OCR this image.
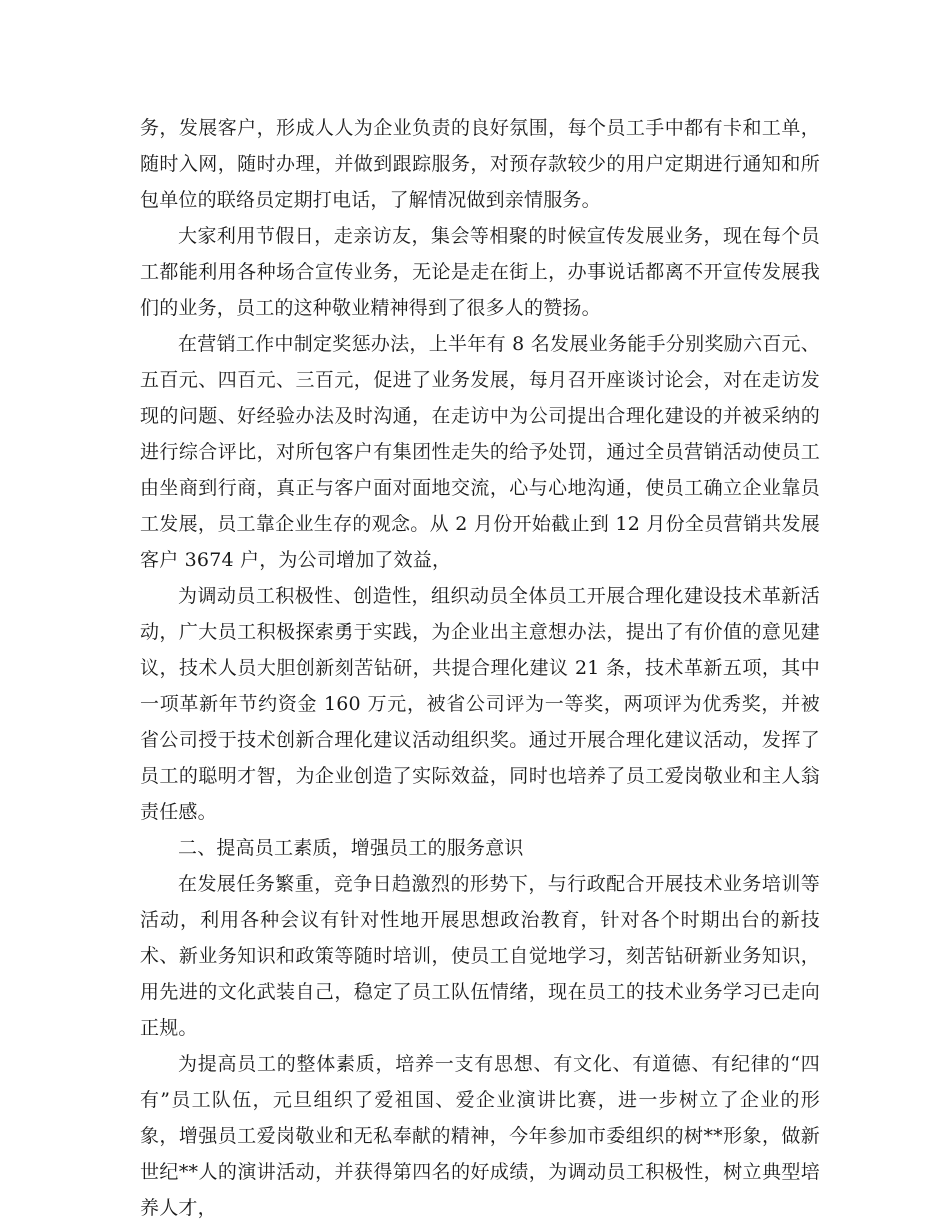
务，发展客户，形成人人为企业负责的良好氛围，每个员工手中都有卡和工单，随时入网，随时办理，并做到跟踪服务，对预存款较少的用户定期进行通知和所包单位的联络员定期打电话，了解情况做到亲情服务。

大家利用节假日，走亲访友，集会等相聚的时候宣传发展业务，现在每个员工都能利用各种场合宣传业务，无论是走在街上，办事说话都离不开宣传发展我们的业务，员工的这种敬业精神得到了很多人的赞扬。

在营销工作中制定奖惩办法，上半年有 8 名发展业务能手分别奖励六百元、五百元、四百元、三百元，促进了业务发展，每月召开座谈讨论会，对在走访发现的问题、好经验办法及时沟通，在走访中为公司提出合理化建设的并被采纳的进行综合评比，对所包客户有集团性走失的给予处罚，通过全员营销活动使员工由坐商到行商，真正与客户面对面地交流，心与心地沟通，使员工确立企业靠员工发展，员工靠企业生存的观念。从 2 月份开始截止到 12 月份全员营销共发展客户 3674 户，为公司增加了效益，

为调动员工积极性、创造性，组织动员全体员工开展合理化建设技术革新活动，广大员工积极探索勇于实践，为企业出主意想办法，提出了有价值的意见建议，技术人员大胆创新刻苦钻研，共提合理化建议 21 条，技术革新五项，其中一项革新年节约资金 160 万元，被省公司评为一等奖，两项评为优秀奖，并被省公司授于技术创新合理化建议活动组织奖。通过开展合理化建议活动，发挥了员工的聪明才智，为企业创造了实际效益，同时也培养了员工爱岗敬业和主人翁责任感。

二、提高员工素质，增强员工的服务意识

在发展任务繁重，竞争日趋激烈的形势下，与行政配合开展技术业务培训等活动，利用各种会议有针对性地开展思想政治教育，针对各个时期出台的新技术、新业务知识和政策等随时培训，使员工自觉地学习，刻苦钻研新业务知识，用先进的文化武装自己，稳定了员工队伍情绪，现在员工的技术业务学习已走向正规。

为提高员工的整体素质，培养一支有思想、有文化、有道德、有纪律的“四有”员工队伍，元旦组织了爱祖国、爱企业演讲比赛，进一步树立了企业的形象，增强员工爱岗敬业和无私奉献的精神，今年参加市委组织的树**形象，做新世纪**人的演讲活动，并获得第四名的好成绩，为调动员工积极性，树立典型培养人才，
